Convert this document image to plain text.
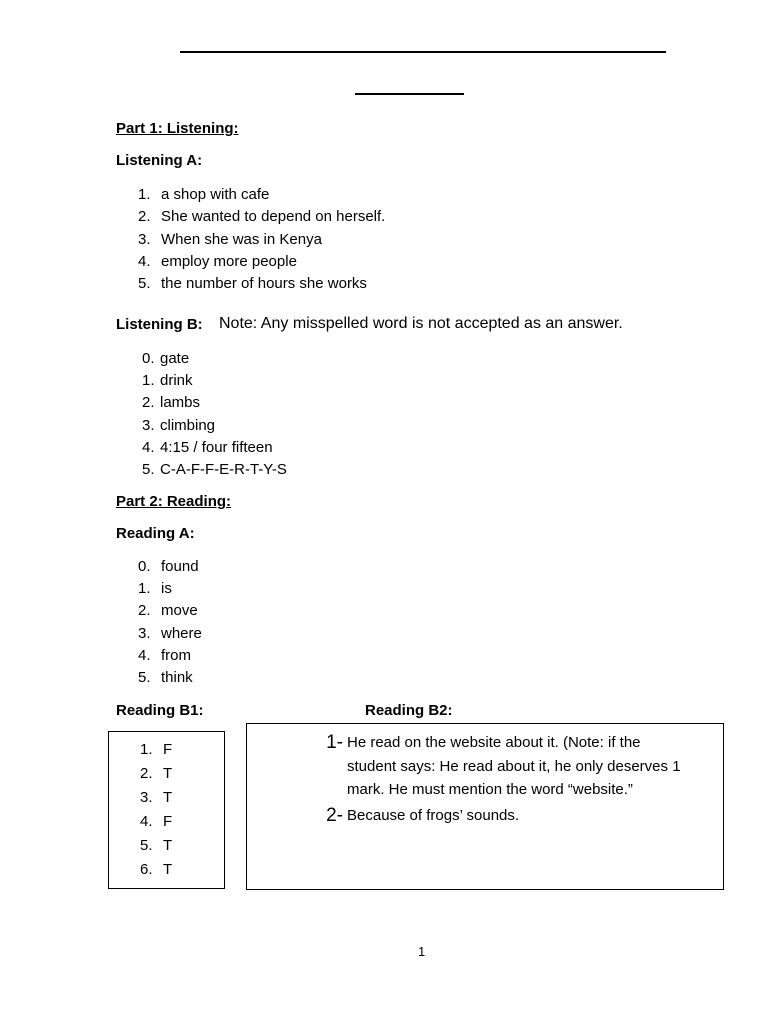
Part 1: Listening:
Listening A:
1. a shop with cafe
2. She wanted to depend on herself.
3. When she was in Kenya
4. employ more people
5. the number of hours she works
Listening B: Note: Any misspelled word is not accepted as an answer.
0. gate
1. drink
2. lambs
3. climbing
4. 4:15 / four fifteen
5. C-A-F-F-E-R-T-Y-S
Part 2: Reading:
Reading A:
0. found
1. is
2. move
3. where
4. from
5. think
Reading B1:	Reading B2:
1. F
2. T
3. T
4. F
5. T
6. T
1- He read on the website about it. (Note: if the
student says: He read about it, he only deserves 1
mark. He must mention the word “website.”
2- Because of frogs’ sounds.
1
